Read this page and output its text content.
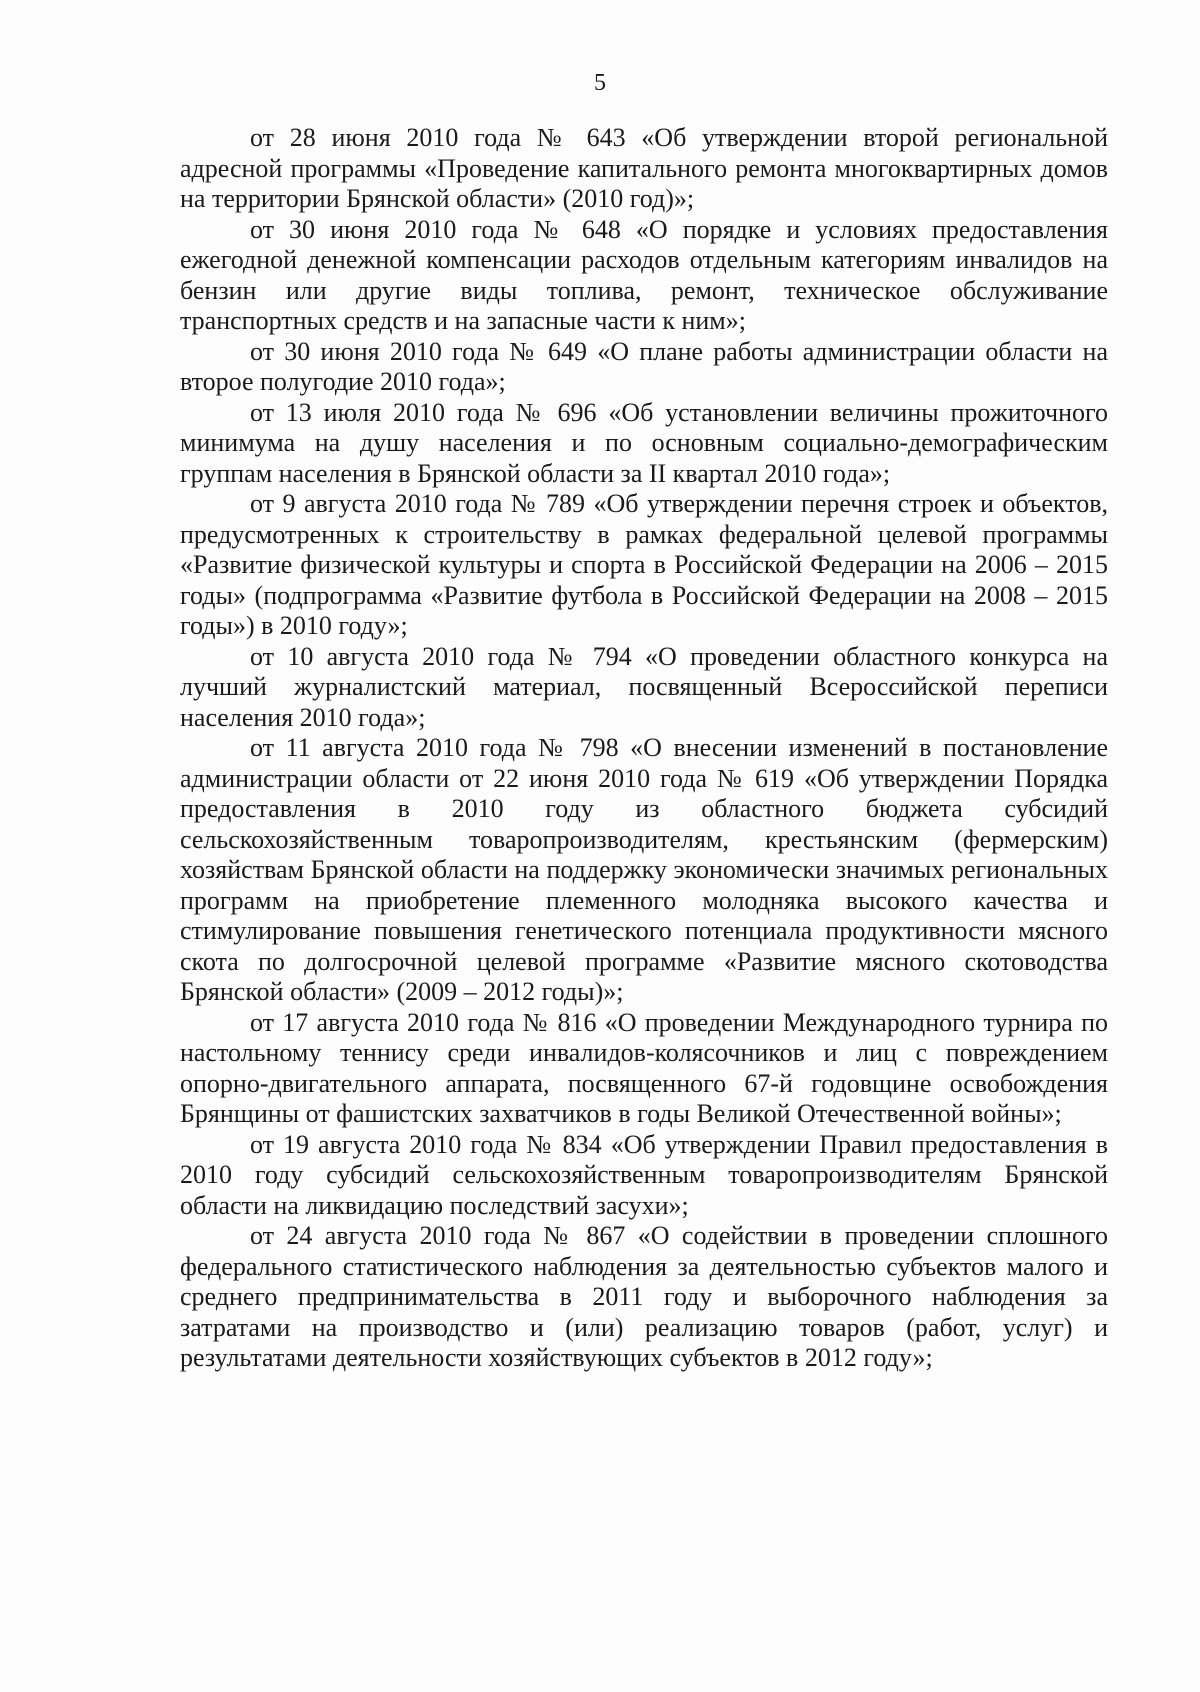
5

от 28 июня 2010 года № 643 «Об утверждении второй региональной адресной программы «Проведение капитального ремонта многоквартирных домов на территории Брянской области» (2010 год)»;

от 30 июня 2010 года № 648 «О порядке и условиях предоставления ежегодной денежной компенсации расходов отдельным категориям инвалидов на бензин или другие виды топлива, ремонт, техническое обслуживание транспортных средств и на запасные части к ним»;

от 30 июня 2010 года № 649 «О плане работы администрации области на второе полугодие 2010 года»;

от 13 июля 2010 года № 696 «Об установлении величины прожиточного минимума на душу населения и по основным социально-демографическим группам населения в Брянской области за II квартал 2010 года»;

от 9 августа 2010 года № 789 «Об утверждении перечня строек и объектов, предусмотренных к строительству в рамках федеральной целевой программы «Развитие физической культуры и спорта в Российской Федерации на 2006 – 2015 годы» (подпрограмма «Развитие футбола в Российской Федерации на 2008 – 2015 годы») в 2010 году»;

от 10 августа 2010 года № 794 «О проведении областного конкурса на лучший журналистский материал, посвященный Всероссийской переписи населения 2010 года»;

от 11 августа 2010 года № 798 «О внесении изменений в постановление администрации области от 22 июня 2010 года № 619 «Об утверждении Порядка предоставления в 2010 году из областного бюджета субсидий сельскохозяйственным товаропроизводителям, крестьянским (фермерским) хозяйствам Брянской области на поддержку экономически значимых региональных программ на приобретение племенного молодняка высокого качества и стимулирование повышения генетического потенциала продуктивности мясного скота по долгосрочной целевой программе «Развитие мясного скотоводства Брянской области» (2009 – 2012 годы)»;

от 17 августа 2010 года № 816 «О проведении Международного турнира по настольному теннису среди инвалидов-колясочников и лиц с повреждением опорно-двигательного аппарата, посвященного 67-й годовщине освобождения Брянщины от фашистских захватчиков в годы Великой Отечественной войны»;

от 19 августа 2010 года № 834 «Об утверждении Правил предоставления в 2010 году субсидий сельскохозяйственным товаропроизводителям Брянской области на ликвидацию последствий засухи»;

от 24 августа 2010 года № 867 «О содействии в проведении сплошного федерального статистического наблюдения за деятельностью субъектов малого и среднего предпринимательства в 2011 году и выборочного наблюдения за затратами на производство и (или) реализацию товаров (работ, услуг) и результатами деятельности хозяйствующих субъектов в 2012 году»;
